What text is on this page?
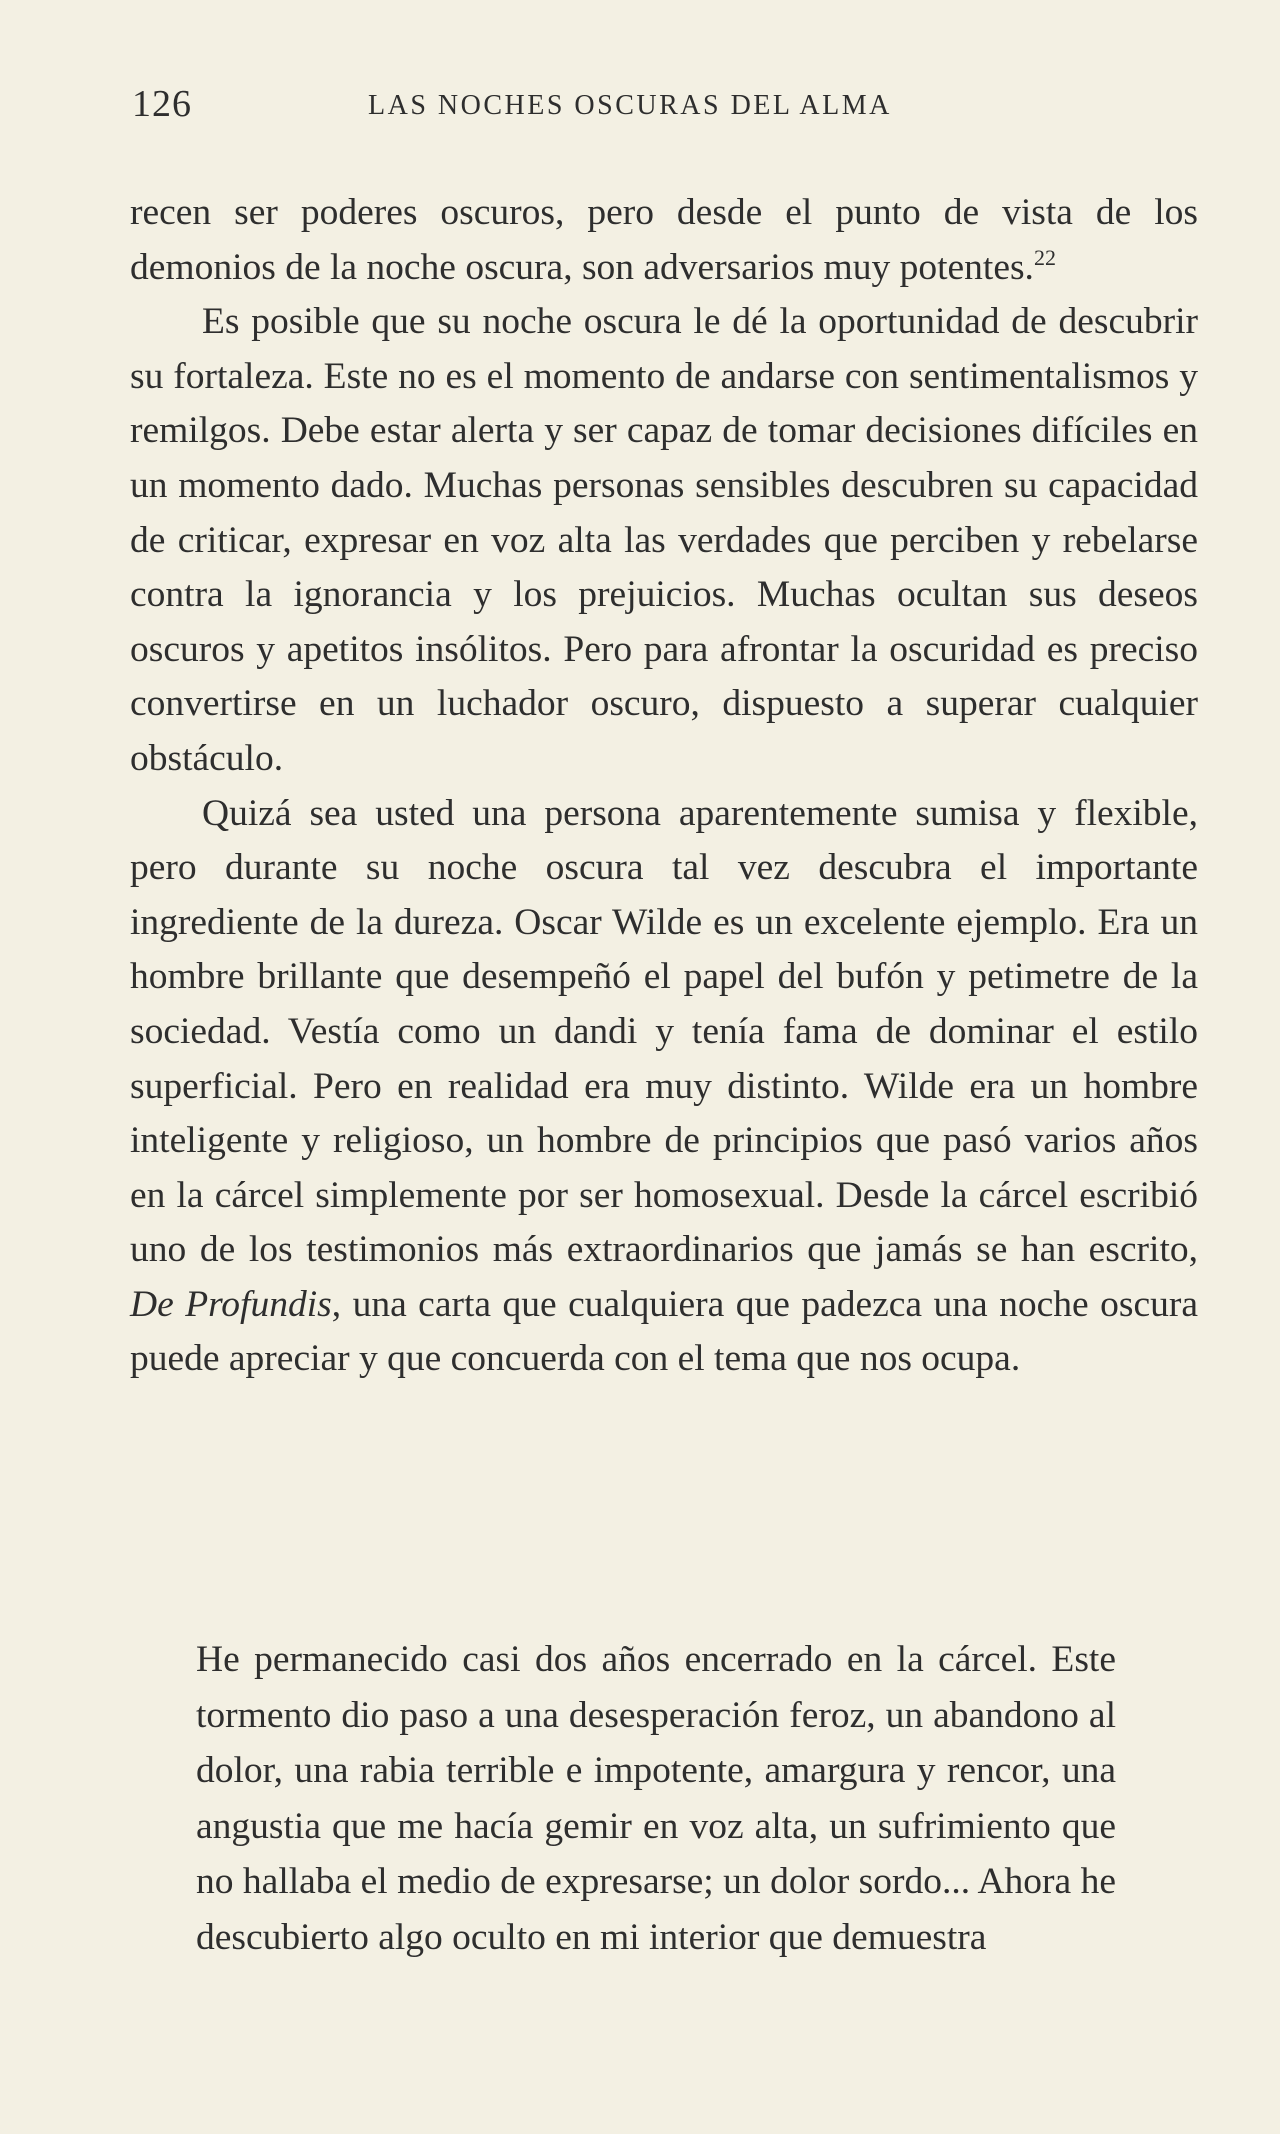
126	LAS NOCHES OSCURAS DEL ALMA

recen ser poderes oscuros, pero desde el punto de vista de los demonios de la noche oscura, son adversarios muy potentes.$^{22}$

Es posible que su noche oscura le dé la oportunidad de descubrir su fortaleza. Este no es el momento de andarse con sentimentalismos y remilgos. Debe estar alerta y ser capaz de tomar decisiones difíciles en un momento dado. Muchas personas sensibles descubren su capacidad de criticar, expresar en voz alta las verdades que perciben y rebelarse contra la ignorancia y los prejuicios. Muchas ocultan sus deseos oscuros y apetitos insólitos. Pero para afrontar la oscuridad es preciso convertirse en un luchador oscuro, dispuesto a superar cualquier obstáculo.

Quizá sea usted una persona aparentemente sumisa y flexible, pero durante su noche oscura tal vez descubra el importante ingrediente de la dureza. Oscar Wilde es un excelente ejemplo. Era un hombre brillante que desempeñó el papel del bufón y petimetre de la sociedad. Vestía como un dandi y tenía fama de dominar el estilo superficial. Pero en realidad era muy distinto. Wilde era un hombre inteligente y religioso, un hombre de principios que pasó varios años en la cárcel simplemente por ser homosexual. Desde la cárcel escribió uno de los testimonios más extraordinarios que jamás se han escrito, De Profundis, una carta que cualquiera que padezca una noche oscura puede apreciar y que concuerda con el tema que nos ocupa.

He permanecido casi dos años encerrado en la cárcel. Este tormento dio paso a una desesperación feroz, un abandono al dolor, una rabia terrible e impotente, amargura y rencor, una angustia que me hacía gemir en voz alta, un sufrimiento que no hallaba el medio de expresarse; un dolor sordo... Ahora he descubierto algo oculto en mi interior que demuestra
